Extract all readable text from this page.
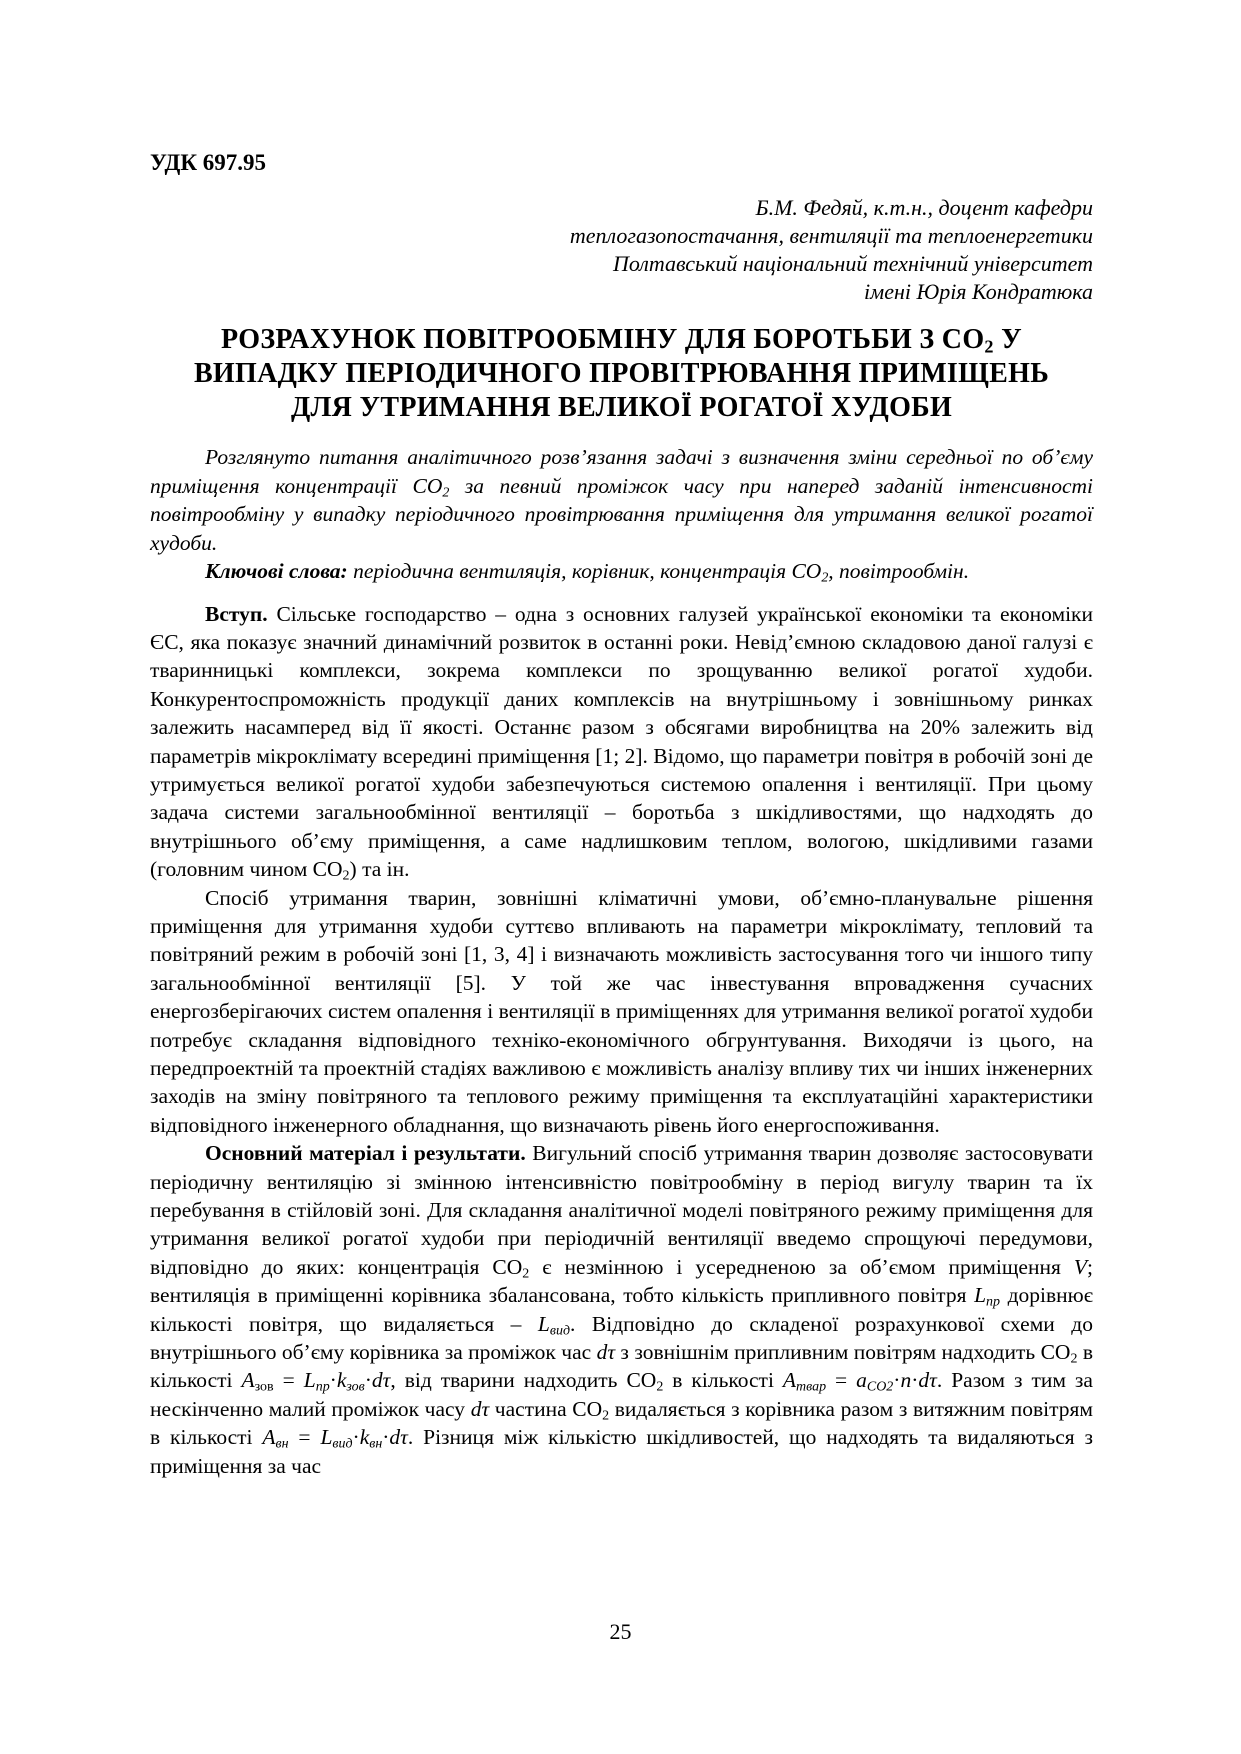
УДК 697.95
Б.М. Федяй, к.т.н., доцент кафедри
теплогазопостачання, вентиляції та теплоенергетики
Полтавський національний технічний університет
імені Юрія Кондратюка
РОЗРАХУНОК ПОВІТРООБМІНУ ДЛЯ БОРОТЬБИ З $CO_2$ У
ВИПАДКУ ПЕРІОДИЧНОГО ПРОВІТРЮВАННЯ ПРИМІЩЕНЬ
ДЛЯ УТРИМАННЯ ВЕЛИКОЇ РОГАТОЇ ХУДОБИ

Розглянуто питання аналітичного розв’язання задачі з визначення зміни середньої по об’єму приміщення концентрації $CO_2$ за певний проміжок часу при наперед заданій інтенсивності повітрообміну у випадку періодичного провітрювання приміщення для утримання великої рогатої худоби.

Ключові слова: періодична вентиляція, корівник, концентрація $CO_2$, повітрообмін.

Вступ. Сільське господарство – одна з основних галузей української економіки та економіки ЄС, яка показує значний динамічний розвиток в останні роки. Невід’ємною складовою даної галузі є тваринницькі комплекси, зокрема комплекси по зрощуванню великої рогатої худоби. Конкурентоспроможність продукції даних комплексів на внутрішньому і зовнішньому ринках залежить насамперед від її якості. Останнє разом з обсягами виробництва на 20% залежить від параметрів мікроклімату всередині приміщення [1; 2]. Відомо, що параметри повітря в робочій зоні де утримується великої рогатої худоби забезпечуються системою опалення і вентиляції. При цьому задача системи загальнообмінної вентиляції – боротьба з шкідливостями, що надходять до внутрішнього об’єму приміщення, а саме надлишковим теплом, вологою, шкідливими газами (головним чином $CO_2$) та ін.
Спосіб утримання тварин, зовнішні кліматичні умови, об’ємно-планувальне рішення приміщення для утримання худоби суттєво впливають на параметри мікроклімату, тепловий та повітряний режим в робочій зоні [1, 3, 4] і визначають можливість застосування того чи іншого типу загальнообмінної вентиляції [5]. У той же час інвестування впровадження сучасних енергозберігаючих систем опалення і вентиляції в приміщеннях для утримання великої рогатої худоби потребує складання відповідного техніко-економічного обгрунтування. Виходячи із цього, на передпроектній та проектній стадіях важливою є можливість аналізу впливу тих чи інших інженерних заходів на зміну повітряного та теплового режиму приміщення та експлуатаційні характеристики відповідного інженерного обладнання, що визначають рівень його енергоспоживання.
Основний матеріал і результати. Вигульний спосіб утримання тварин дозволяє застосовувати періодичну вентиляцію зі змінною інтенсивністю повітрообміну в період вигулу тварин та їх перебування в стійловій зоні. Для складання аналітичної моделі повітряного режиму приміщення для утримання великої рогатої худоби при періодичній вентиляції введемо спрощуючі передумови, відповідно до яких: концентрація $CO_2$ є незмінною і усередненою за об’ємом приміщення V; вентиляція в приміщенні корівника збалансована, тобто кількість припливного повітря $L_{пр}$ дорівнює кількості повітря, що видаляється – $L_{вид}$. Відповідно до складеної розрахункової схеми до внутрішнього об’єму корівника за проміжок час dτ з зовнішнім припливним повітрям надходить $CO_2$ в кількості $А_{зов} = L_{пр}\cdot k_{зов}\cdot d\tau$, від тварини надходить $CO_2$ в кількості $А_{твар} = a_{CO2}\cdot n\cdot d\tau$. Разом з тим за нескінченно малий проміжок часу dτ частина $CO_2$ видаляється з корівника разом з витяжним повітрям в кількості $А_{вн} = L_{вид}\cdot k_{вн}\cdot d\tau$. Різниця між кількістю шкідливостей, що надходять та видаляються з приміщення за час
25
